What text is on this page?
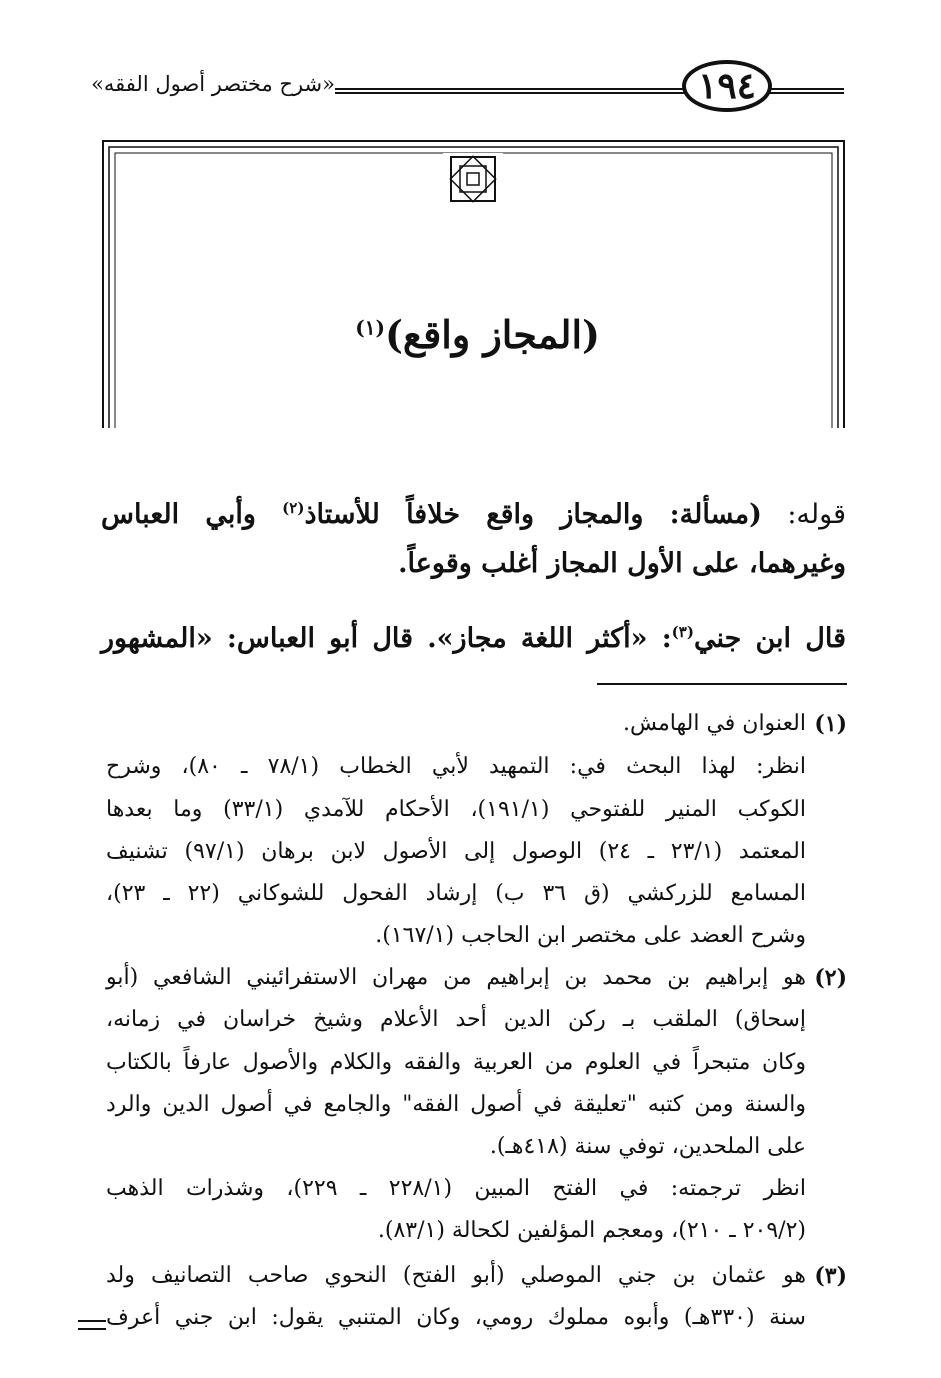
«شرح مختصر أصول الفقه»	١٩٤
(المجاز واقع)$^{(١)}$
قوله: (مسألة: والمجاز واقع خلافاً للأستاذ$^{(٢)}$ وأبي العباس
وغيرهما، على الأول المجاز أغلب وقوعاً.
قال ابن جني$^{(٣)}$: «أكثر اللغة مجاز». قال أبو العباس: «المشهور
(١)
العنوان في الهامش.
انظر: لهذا البحث في: التمهيد لأبي الخطاب (٧٨/١ ـ ٨٠)، وشرح
الكوكب المنير للفتوحي (١٩١/١)، الأحكام للآمدي (٣٣/١) وما بعدها
المعتمد (٢٣/١ ـ ٢٤) الوصول إلى الأصول لابن برهان (٩٧/١) تشنيف
المسامع للزركشي (ق ٣٦ ب) إرشاد الفحول للشوكاني (٢٢ ـ ٢٣)،
وشرح العضد على مختصر ابن الحاجب (١٦٧/١).
(٢)
هو إبراهيم بن محمد بن إبراهيم من مهران الاستفرائيني الشافعي (أبو
إسحاق) الملقب بـ ركن الدين أحد الأعلام وشيخ خراسان في زمانه،
وكان متبحراً في العلوم من العربية والفقه والكلام والأصول عارفاً بالكتاب
والسنة ومن كتبه "تعليقة في أصول الفقه" والجامع في أصول الدين والرد
على الملحدين، توفي سنة (٤١٨هـ).
انظر ترجمته: في الفتح المبين (٢٢٨/١ ـ ٢٢٩)، وشذرات الذهب
(٢٠٩/٢ ـ ٢١٠)، ومعجم المؤلفين لكحالة (٨٣/١).
(٣)
هو عثمان بن جني الموصلي (أبو الفتح) النحوي صاحب التصانيف ولد
سنة (٣٣٠هـ) وأبوه مملوك رومي، وكان المتنبي يقول: ابن جني أعرف
